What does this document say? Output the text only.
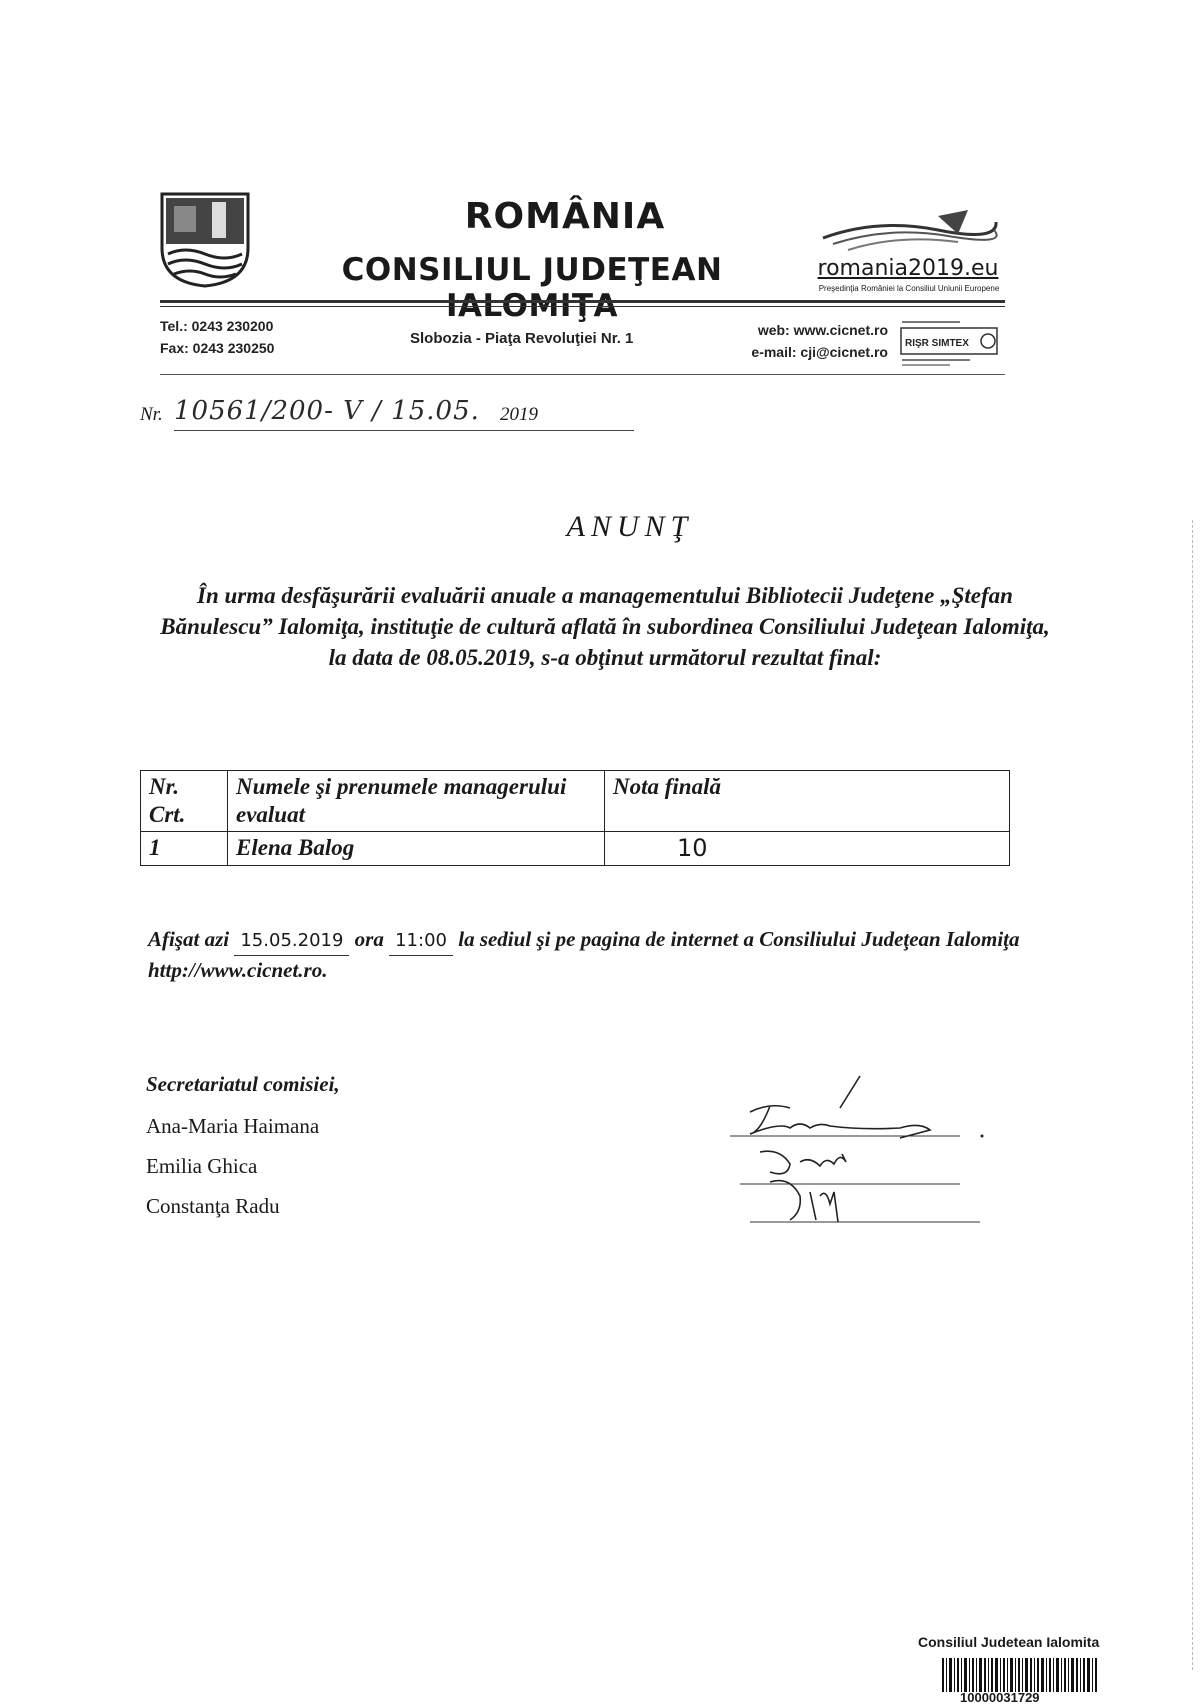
ROMÂNIA
CONSILIUL JUDEŢEAN IALOMIŢA
romania2019.eu
Preşedinţia României la Consiliul Uniunii Europene
Tel.: 0243 230200
Fax: 0243 230250
Slobozia - Piaţa Revoluţiei Nr. 1	web: www.cicnet.ro
e-mail: cji@cicnet.ro
RIŞR SIMTEX
Nr. 10561/200- V / 15.05. 2019
ANUNŢ
În urma desfăşurării evaluării anuale a managementului Bibliotecii Judeţene „Ştefan Bănulescu” Ialomiţa, instituţie de cultură aflată în subordinea Consiliului Judeţean Ialomiţa, la data de 08.05.2019, s-a obţinut următorul rezultat final:
Nr. Crt.	Numele şi prenumele managerului evaluat	Nota finală
1	Elena Balog	10
Afişat azi 15.05.2019 ora 11:00 la sediul şi pe pagina de internet a Consiliului Judeţean Ialomiţa http://www.cicnet.ro.
Secretariatul comisiei,
Ana-Maria Haimana
Emilia Ghica
Constanţa Radu
Consiliul Judetean Ialomita
10000031729
